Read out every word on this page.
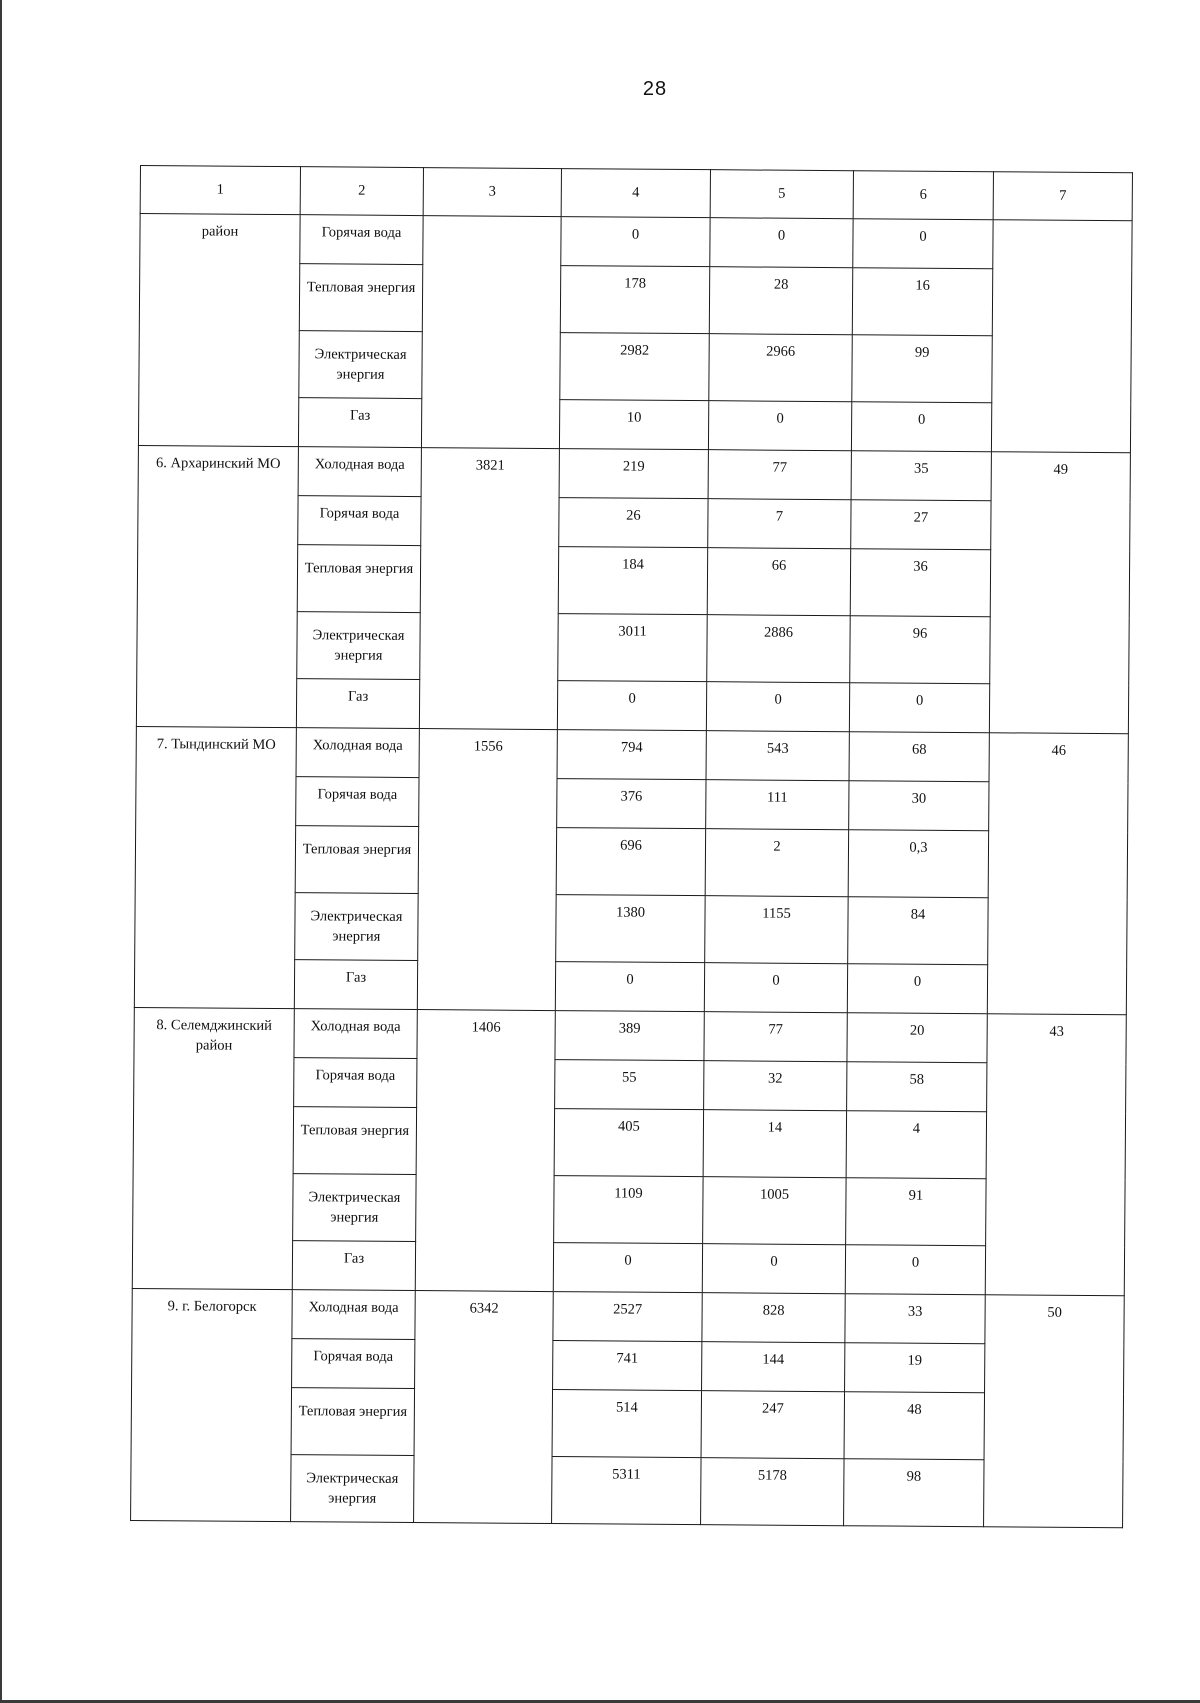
28
1	2	3	4	5	6	7
район	Горячая вода		0	0	0	
	Тепловая энергия		178	28	16	
	Электрическая энергия		2982	2966	99	
	Газ		10	0	0	
6. Архаринский МО	Холодная вода	3821	219	77	35	49
	Горячая вода		26	7	27	
	Тепловая энергия		184	66	36	
	Электрическая энергия		3011	2886	96	
	Газ		0	0	0	
7. Тындинский МО	Холодная вода	1556	794	543	68	46
	Горячая вода		376	111	30	
	Тепловая энергия		696	2	0,3	
	Электрическая энергия		1380	1155	84	
	Газ		0	0	0	
8. Селемджинский район	Холодная вода	1406	389	77	20	43
	Горячая вода		55	32	58	
	Тепловая энергия		405	14	4	
	Электрическая энергия		1109	1005	91	
	Газ		0	0	0	
9. г. Белогорск	Холодная вода	6342	2527	828	33	50
	Горячая вода		741	144	19	
	Тепловая энергия		514	247	48	
	Электрическая энергия		5311	5178	98	
